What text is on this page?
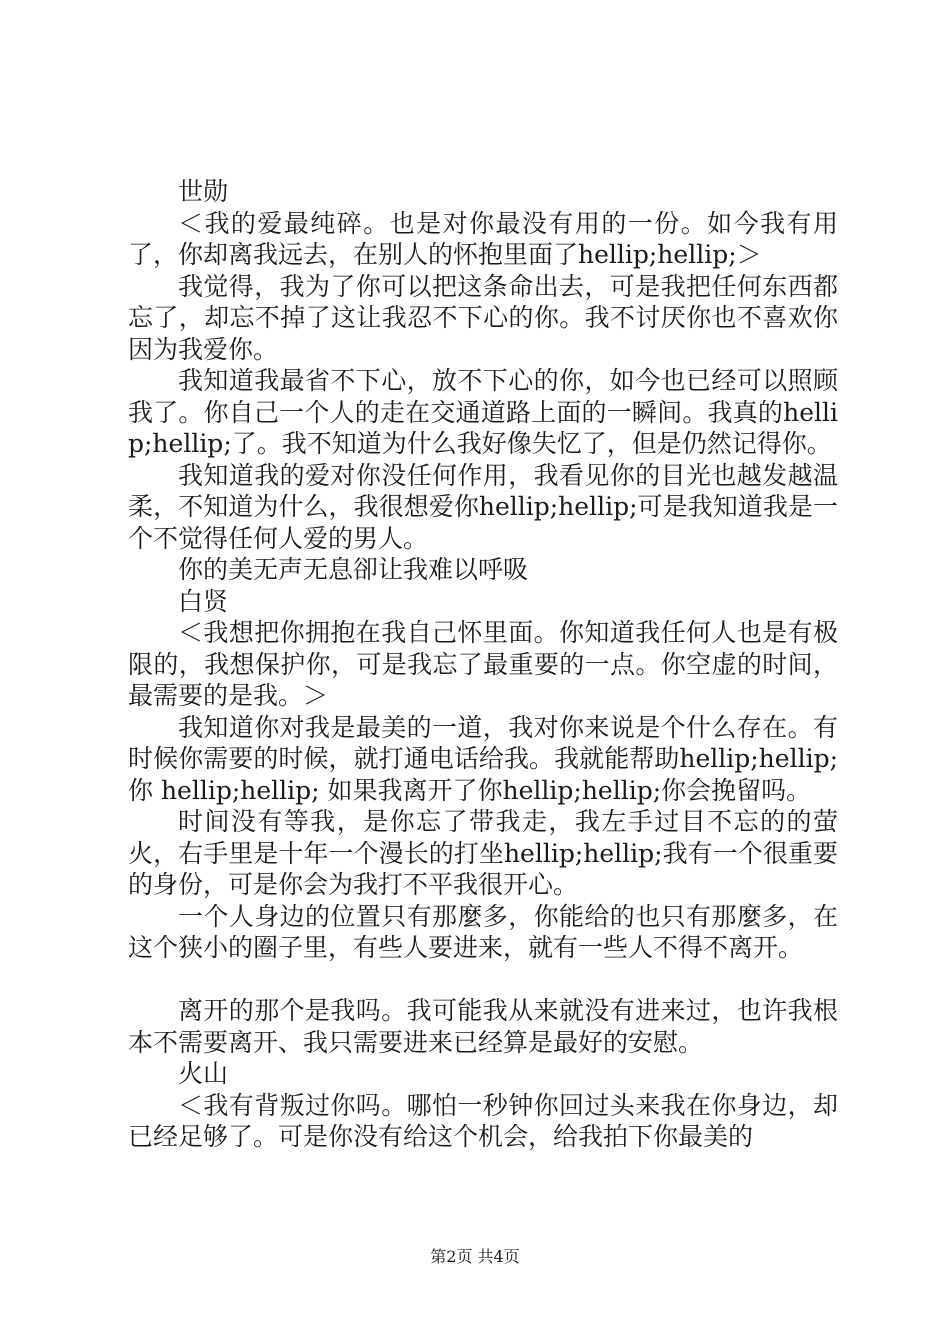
世勋

＜我的爱最纯碎。也是对你最没有用的一份。如今我有用了，你却离我远去，在别人的怀抱里面了hellip;hellip;＞

我觉得，我为了你可以把这条命出去，可是我把任何东西都忘了，却忘不掉了这让我忍不下心的你。我不讨厌你也不喜欢你因为我爱你。

我知道我最省不下心，放不下心的你，如今也已经可以照顾我了。你自己一个人的走在交通道路上面的一瞬间。我真的hellip;hellip;了。我不知道为什么我好像失忆了，但是仍然记得你。

我知道我的爱对你没任何作用，我看见你的目光也越发越温柔，不知道为什么，我很想爱你hellip;hellip;可是我知道我是一个不觉得任何人爱的男人。

你的美无声无息卻让我难以呼吸

白贤

＜我想把你拥抱在我自己怀里面。你知道我任何人也是有极限的，我想保护你，可是我忘了最重要的一点。你空虚的时间，最需要的是我。＞

我知道你对我是最美的一道，我对你来说是个什么存在。有时候你需要的时候，就打通电话给我。我就能帮助hellip;hellip; 你 hellip;hellip; 如果我离开了你hellip;hellip;你会挽留吗。

时间没有等我，是你忘了带我走，我左手过目不忘的的萤火，右手里是十年一个漫长的打坐hellip;hellip;我有一个很重要的身份，可是你会为我打不平我很开心。

一个人身边的位置只有那麼多，你能给的也只有那麼多，在这个狭小的圈子里，有些人要进来，就有一些人不得不离开。

离开的那个是我吗。我可能我从来就没有进来过，也许我根本不需要离开、我只需要进来已经算是最好的安慰。

火山

＜我有背叛过你吗。哪怕一秒钟你回过头来我在你身边，却已经足够了。可是你没有给这个机会，给我拍下你最美的

第2页 共4页
